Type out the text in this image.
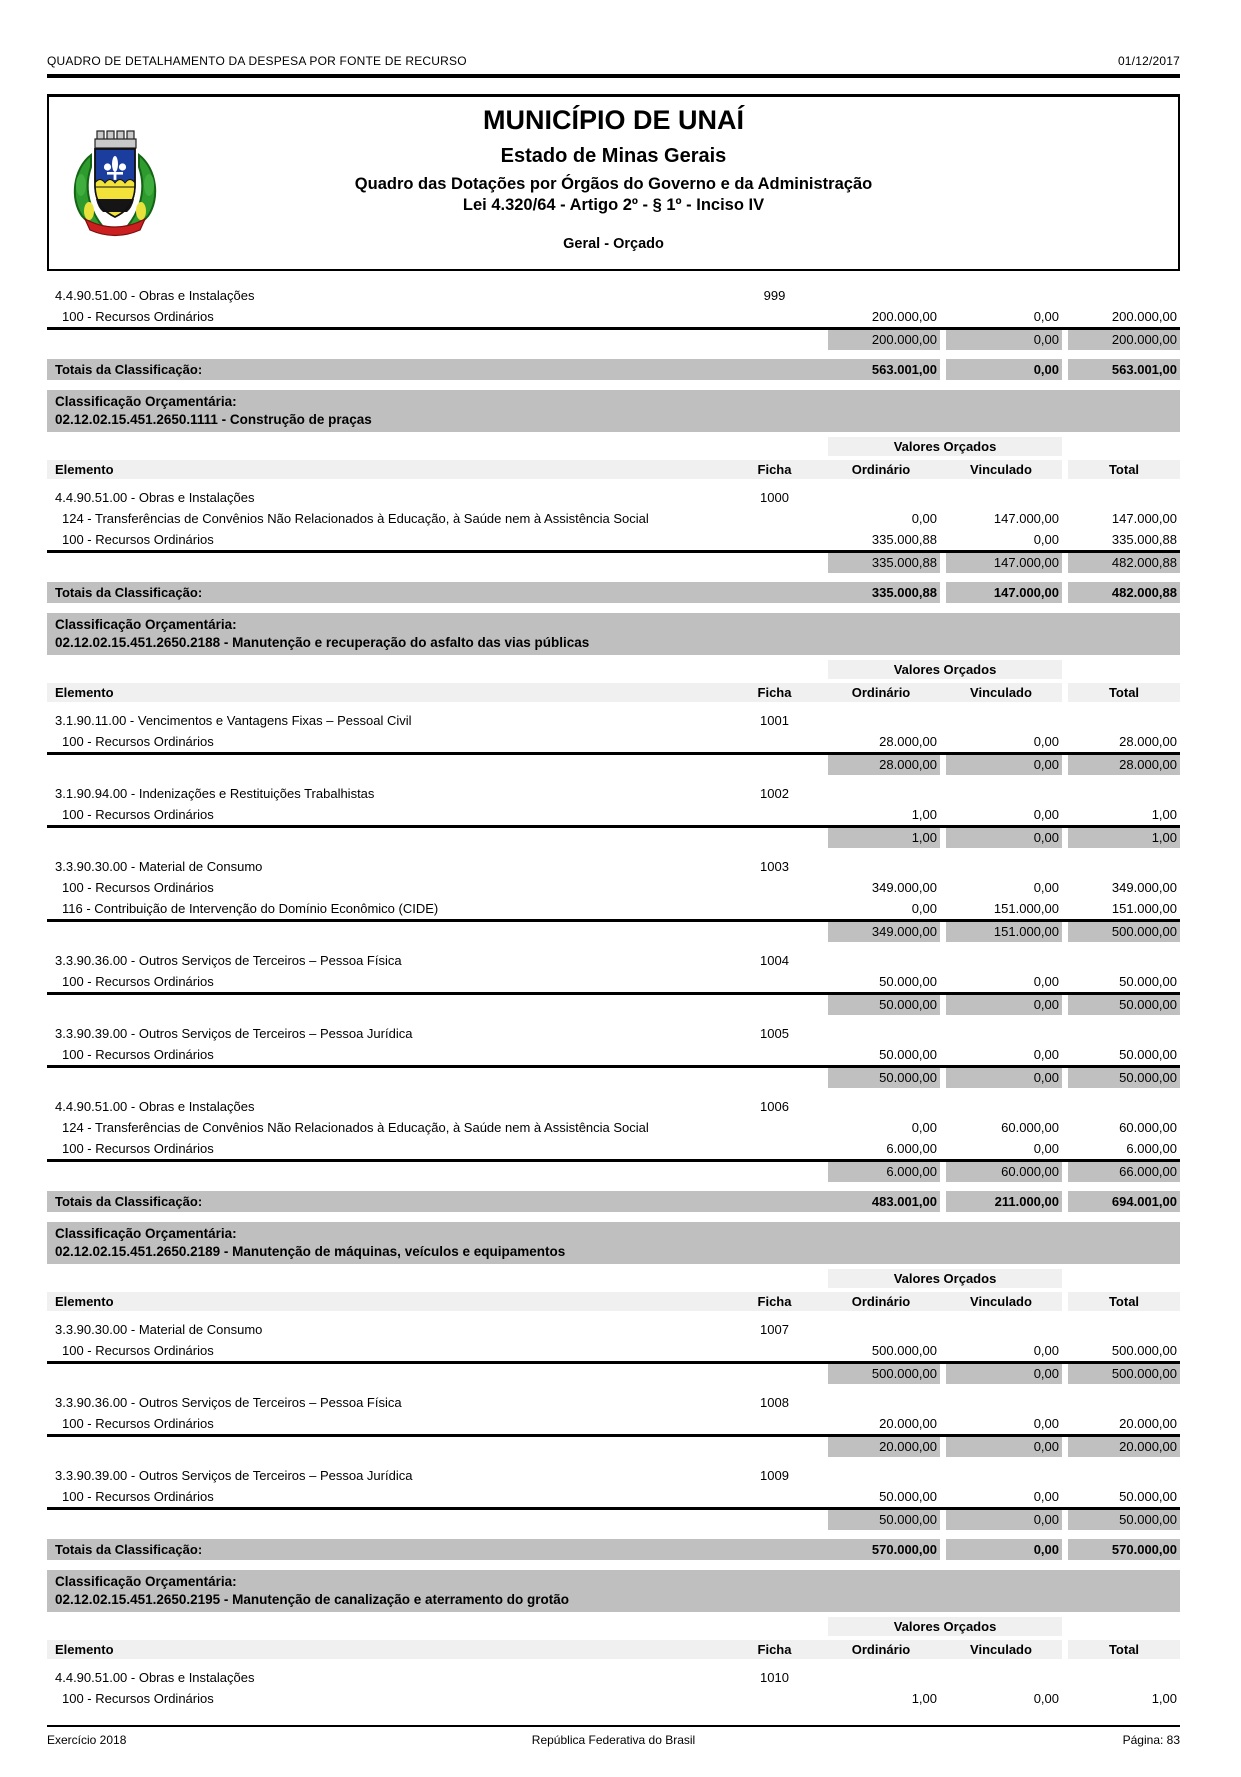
QUADRO DE DETALHAMENTO DA DESPESA POR FONTE DE RECURSO	01/12/2017
MUNICÍPIO DE UNAÍ
Estado de Minas Gerais
Quadro das Dotações por Órgãos do Governo e da Administração
Lei 4.320/64 - Artigo 2º - § 1º - Inciso IV
Geral - Orçado
4.4.90.51.00 - Obras e Instalações	999
100 - Recursos Ordinários	200.000,00	0,00	200.000,00
200.000,00	0,00	200.000,00
Totais da Classificação:	563.001,00	0,00	563.001,00
Classificação Orçamentária:
02.12.02.15.451.2650.1111 - Construção de praças
Valores Orçados
Elemento	Ficha	Ordinário	Vinculado	Total
4.4.90.51.00 - Obras e Instalações	1000
124 - Transferências de Convênios Não Relacionados à Educação, à Saúde nem à Assistência Social	0,00	147.000,00	147.000,00
100 - Recursos Ordinários	335.000,88	0,00	335.000,88
335.000,88	147.000,00	482.000,88
Totais da Classificação:	335.000,88	147.000,00	482.000,88
Classificação Orçamentária:
02.12.02.15.451.2650.2188 - Manutenção e recuperação do asfalto das vias públicas
Valores Orçados
Elemento	Ficha	Ordinário	Vinculado	Total
3.1.90.11.00 - Vencimentos e Vantagens Fixas – Pessoal Civil	1001
100 - Recursos Ordinários	28.000,00	0,00	28.000,00
28.000,00	0,00	28.000,00
3.1.90.94.00 - Indenizações e Restituições Trabalhistas	1002
100 - Recursos Ordinários	1,00	0,00	1,00
1,00	0,00	1,00
3.3.90.30.00 - Material de Consumo	1003
100 - Recursos Ordinários	349.000,00	0,00	349.000,00
116 - Contribuição de Intervenção do Domínio Econômico (CIDE)	0,00	151.000,00	151.000,00
349.000,00	151.000,00	500.000,00
3.3.90.36.00 - Outros Serviços de Terceiros – Pessoa Física	1004
100 - Recursos Ordinários	50.000,00	0,00	50.000,00
50.000,00	0,00	50.000,00
3.3.90.39.00 - Outros Serviços de Terceiros – Pessoa Jurídica	1005
100 - Recursos Ordinários	50.000,00	0,00	50.000,00
50.000,00	0,00	50.000,00
4.4.90.51.00 - Obras e Instalações	1006
124 - Transferências de Convênios Não Relacionados à Educação, à Saúde nem à Assistência Social	0,00	60.000,00	60.000,00
100 - Recursos Ordinários	6.000,00	0,00	6.000,00
6.000,00	60.000,00	66.000,00
Totais da Classificação:	483.001,00	211.000,00	694.001,00
Classificação Orçamentária:
02.12.02.15.451.2650.2189 - Manutenção de máquinas, veículos e equipamentos
Valores Orçados
Elemento	Ficha	Ordinário	Vinculado	Total
3.3.90.30.00 - Material de Consumo	1007
100 - Recursos Ordinários	500.000,00	0,00	500.000,00
500.000,00	0,00	500.000,00
3.3.90.36.00 - Outros Serviços de Terceiros – Pessoa Física	1008
100 - Recursos Ordinários	20.000,00	0,00	20.000,00
20.000,00	0,00	20.000,00
3.3.90.39.00 - Outros Serviços de Terceiros – Pessoa Jurídica	1009
100 - Recursos Ordinários	50.000,00	0,00	50.000,00
50.000,00	0,00	50.000,00
Totais da Classificação:	570.000,00	0,00	570.000,00
Classificação Orçamentária:
02.12.02.15.451.2650.2195 - Manutenção de canalização e aterramento do grotão
Valores Orçados
Elemento	Ficha	Ordinário	Vinculado	Total
4.4.90.51.00 - Obras e Instalações	1010
100 - Recursos Ordinários	1,00	0,00	1,00
Exercício 2018	República Federativa do Brasil	Página: 83
